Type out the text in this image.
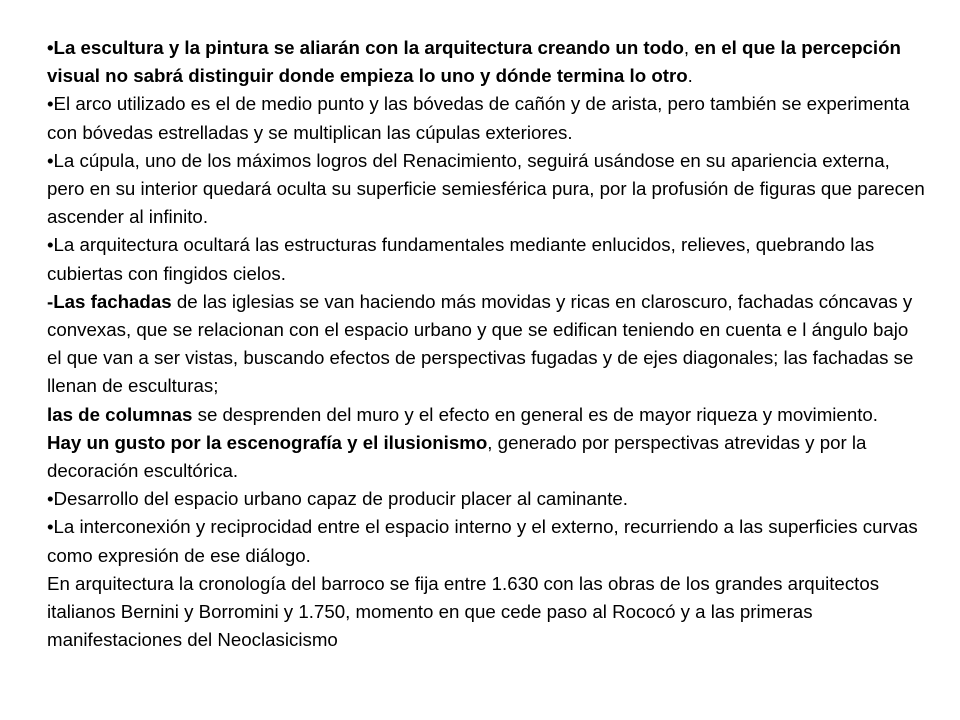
•La escultura y la pintura se aliarán con la arquitectura creando un todo, en el que la percepción visual no sabrá distinguir donde empieza lo uno y dónde termina lo otro.

•El arco utilizado es el de medio punto y las bóvedas de cañón y de arista, pero también se experimenta con bóvedas estrelladas y se multiplican las cúpulas exteriores.

•La cúpula, uno de los máximos logros del Renacimiento, seguirá usándose en su apariencia externa, pero en su interior quedará oculta su superficie semiesférica pura, por la profusión de figuras que parecen ascender al infinito.

•La arquitectura ocultará las estructuras fundamentales mediante enlucidos, relieves, quebrando las cubiertas con fingidos cielos.

-Las fachadas de las iglesias se van haciendo más movidas y ricas en claroscuro, fachadas cóncavas y convexas, que se relacionan con el espacio urbano y que se edifican teniendo en cuenta e l ángulo bajo el que van a ser vistas, buscando efectos de perspectivas fugadas y de ejes diagonales; las fachadas se llenan de esculturas;

las de columnas se desprenden del muro y el efecto en general es de mayor riqueza y movimiento.

Hay un gusto por la escenografía y el ilusionismo, generado por perspectivas atrevidas y por la decoración escultórica.

•Desarrollo del espacio urbano capaz de producir placer al caminante.

•La interconexión y reciprocidad entre el espacio interno y el externo, recurriendo a las superficies curvas como expresión de ese diálogo.

En arquitectura la cronología del barroco se fija entre 1.630 con las obras de los grandes arquitectos italianos Bernini y Borromini y 1.750, momento en que cede paso al Rococó y a las primeras manifestaciones del Neoclasicismo
